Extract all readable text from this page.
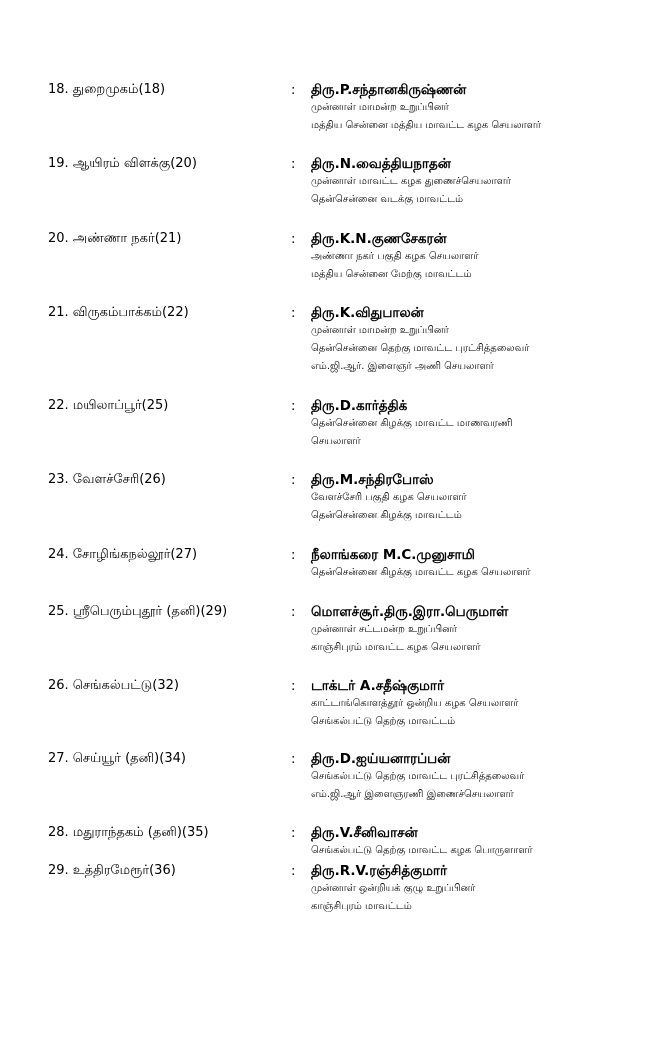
18. துறைமுகம்(18)	: திரு.P.சந்தானகிருஷ்ணன்
முன்னாள் மாமன்ற உறுப்பினர்
மத்திய சென்னை மத்திய மாவட்ட கழக செயலாளர்
19. ஆயிரம் விளக்கு(20)	: திரு.N.வைத்தியநாதன்
முன்னாள் மாவட்ட கழக துணைச்செயலாளர்
தென்சென்னை வடக்கு மாவட்டம்
20. அண்ணா நகர்(21)	: திரு.K.N.குணசேகரன்
அண்ணா நகர் பகுதி கழக செயலாளர்
மத்திய சென்னை மேற்கு மாவட்டம்
21. விருகம்பாக்கம்(22)	: திரு.K.விதுபாலன்
முன்னாள் மாமன்ற உறுப்பினர்
தென்சென்னை தெற்கு மாவட்ட புரட்சித்தலைவர்
எம்.ஜி.ஆர். இளைஞர் அணி செயலாளர்
22. மயிலாப்பூர்(25)	: திரு.D.கார்த்திக்
தென்சென்னை கிழக்கு மாவட்ட மாணவரணி
செயலாளர்
23. வேளச்சேரி(26)	: திரு.M.சந்திரபோஸ்
வேளச்சேரி பகுதி கழக செயலாளர்
தென்சென்னை கிழக்கு மாவட்டம்
24. சோழிங்கநல்லூர்(27)	: நீலாங்கரை M.C.முனுசாமி
தென்சென்னை கிழக்கு மாவட்ட கழக செயலாளர்
25. ஸ்ரீபெரும்புதூர் (தனி)(29)	: மொளச்சூர்.திரு.இரா.பெருமாள்
முன்னாள் சட்டமன்ற உறுப்பினர்
காஞ்சிபுரம் மாவட்ட கழக செயலாளர்
26. செங்கல்பட்டு(32)	: டாக்டர் A.சதீஷ்குமார்
காட்டாங்கொளத்தூர் ஒன்றிய கழக செயலாளர்
செங்கல்பட்டு தெற்கு மாவட்டம்
27. செய்யூர் (தனி)(34)	: திரு.D.ஐய்யனாரப்பன்
செங்கல்பட்டு தெற்கு மாவட்ட புரட்சித்தலைவர்
எம்.ஜி.ஆர் இளைஞரணி இணைச்செயலாளர்
28. மதுராந்தகம் (தனி)(35)	: திரு.V.சீனிவாசன்
செங்கல்பட்டு தெற்கு மாவட்ட கழக பொருளாளர்
29. உத்திரமேரூர்(36)	: திரு.R.V.ரஞ்சித்குமார்
முன்னாள் ஒன்றியக் குழு உறுப்பினர்
காஞ்சிபுரம் மாவட்டம்
